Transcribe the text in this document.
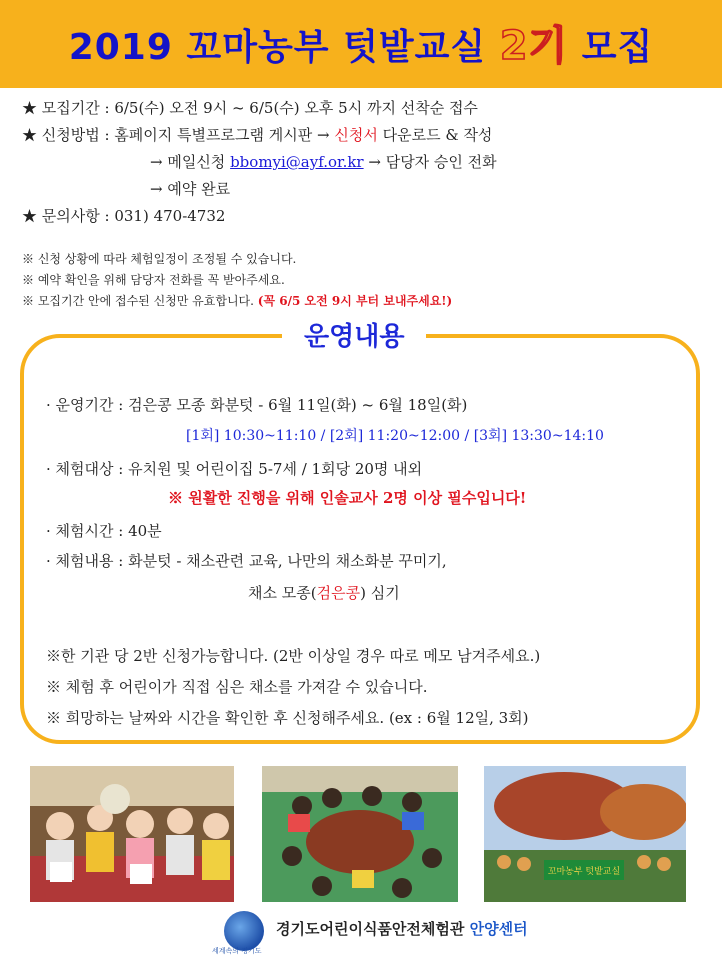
2019 꼬마농부 텃밭교실 2기 모집
★ 모집기간 : 6/5(수) 오전 9시 ~ 6/5(수) 오후 5시 까지 선착순 접수
★ 신청방법 : 홈페이지 특별프로그램 게시판 → 신청서 다운로드 & 작성
→ 메일신청 bbomyi@ayf.or.kr → 담당자 승인 전화
→ 예약 완료
★ 문의사항 : 031) 470-4732
※ 신청 상황에 따라 체험일정이 조정될 수 있습니다.
※ 예약 확인을 위해 담당자 전화를 꼭 받아주세요.
※ 모집기간 안에 접수된 신청만 유효합니다. (꼭 6/5 오전 9시 부터 보내주세요!)
운영내용
· 운영기간 : 검은콩 모종 화분텃 - 6월 11일(화) ~ 6월 18일(화)
[1회] 10:30~11:10 / [2회] 11:20~12:00 / [3회] 13:30~14:10
· 체험대상 : 유치원 및 어린이집 5-7세 / 1회당 20명 내외
※ 원활한 진행을 위해 인솔교사 2명 이상 필수입니다!
· 체험시간 : 40분
· 체험내용 : 화분텃 - 채소관련 교육, 나만의 채소화분 꾸미기,
채소 모종(검은콩) 심기
※한 기관 당 2반 신청가능합니다. (2반 이상일 경우 따로 메모 남겨주세요.)
※ 체험 후 어린이가 직접 심은 채소를 가져갈 수 있습니다.
※ 희망하는 날짜와 시간을 확인한 후 신청해주세요. (ex : 6월 12일, 3회)
꼬마농부 텃밭교실
세계속의 경기도
경기도어린이식품안전체험관 안양센터
